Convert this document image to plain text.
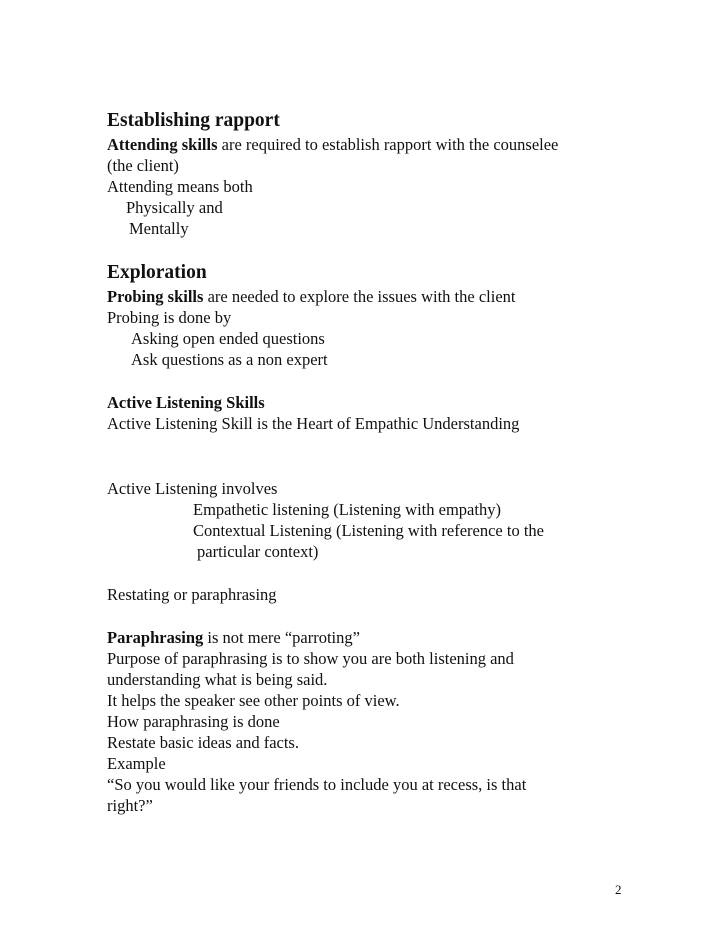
Establishing rapport
Attending skills are required to establish rapport with the counselee
(the client)
Attending means both
Physically and
Mentally
Exploration
Probing skills are needed to explore the issues with the client
Probing is done by
Asking open ended questions
Ask questions as a non expert
Active Listening Skills
Active Listening Skill is the Heart of Empathic Understanding
Active Listening involves
Empathetic listening (Listening with empathy)
Contextual Listening (Listening with reference to the
particular context)
Restating or paraphrasing
Paraphrasing is not mere “parroting”
Purpose of paraphrasing is to show you are both listening and
understanding what is being said.
It helps the speaker see other points of view.
How paraphrasing is done
Restate basic ideas and facts.
Example
“So you would like your friends to include you at recess, is that
right?”
2
